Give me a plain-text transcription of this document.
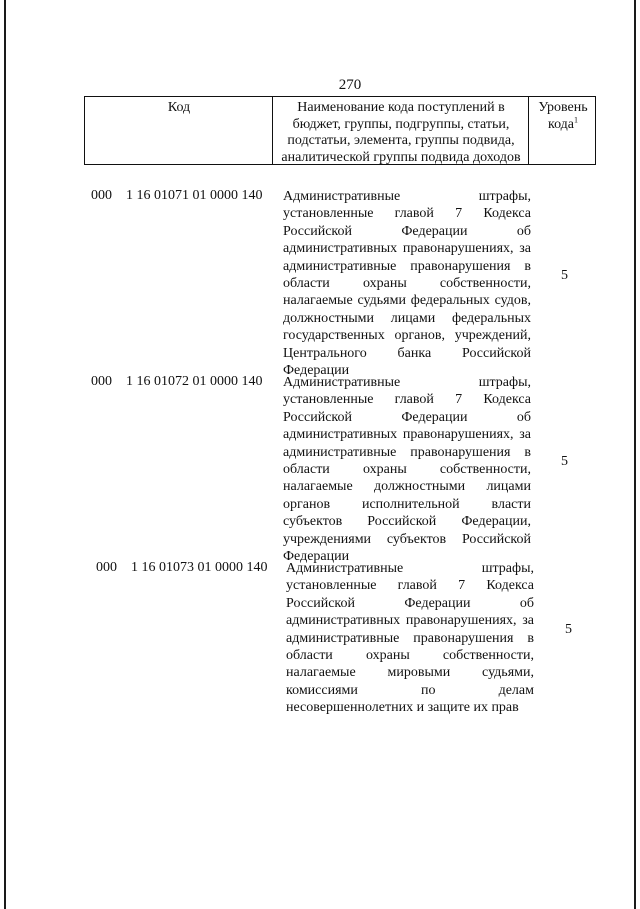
270
Код	Наименование кода поступлений в
бюджет, группы, подгруппы, статьи,
подстатьи, элемента, группы подвида,
аналитической группы подвида доходов
Уровень
кода$^1$
000 1 16 01071 01 0000 140 Административные штрафы,
установленные главой 7 Кодекса
Российской Федерации об
административных правонарушениях, за
административные правонарушения в
области охраны собственности,
налагаемые судьями федеральных судов,
должностными лицами федеральных
государственных органов, учреждений,
Центрального банка Российской
Федерации
5
000 1 16 01072 01 0000 140 Административные штрафы,
установленные главой 7 Кодекса
Российской Федерации об
административных правонарушениях, за
административные правонарушения в
области охраны собственности,
налагаемые должностными лицами
органов исполнительной власти
субъектов Российской Федерации,
учреждениями субъектов Российской
Федерации
5
000 1 16 01073 01 0000 140 Административные штрафы,
установленные главой 7 Кодекса
Российской Федерации об
административных правонарушениях, за
административные правонарушения в
области охраны собственности,
налагаемые мировыми судьями,
комиссиями по делам
несовершеннолетних и защите их прав
5
